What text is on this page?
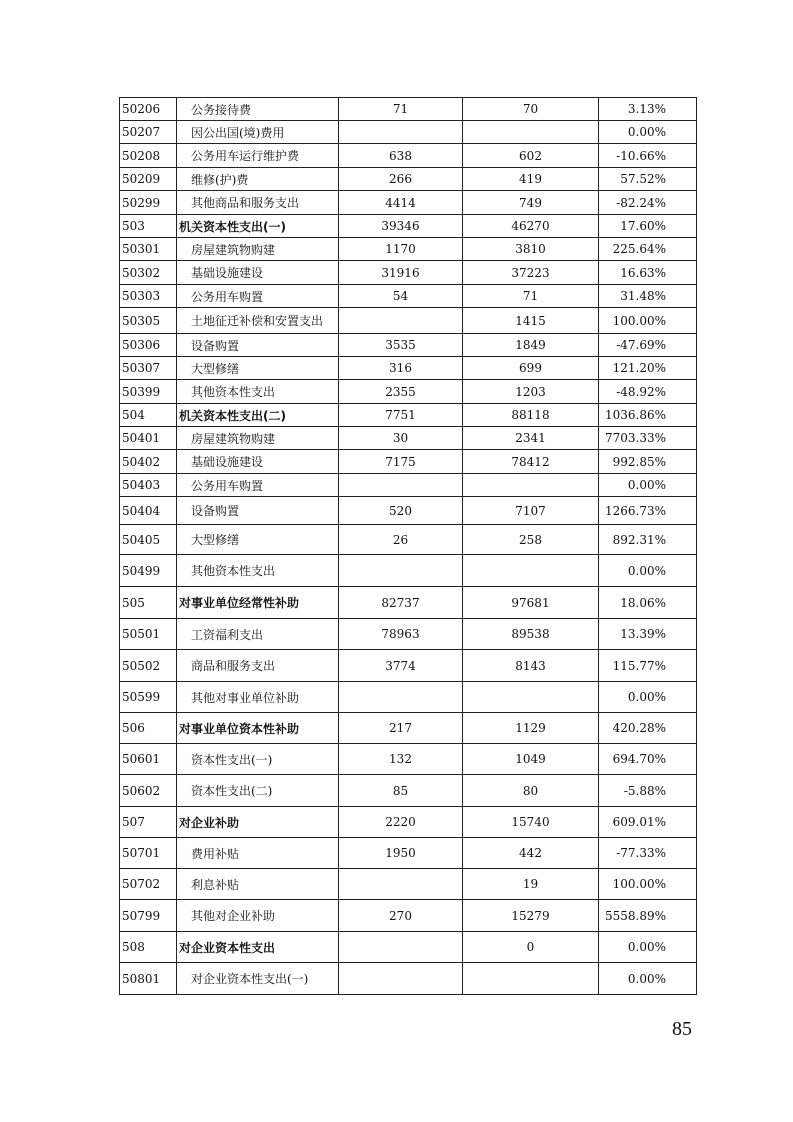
50206	公务接待费	71	70	3.13%
50207	因公出国(境)费用			0.00%
50208	公务用车运行维护费	638	602	-10.66%
50209	维修(护)费	266	419	57.52%
50299	其他商品和服务支出	4414	749	-82.24%
503	机关资本性支出(一)	39346	46270	17.60%
50301	房屋建筑物购建	1170	3810	225.64%
50302	基础设施建设	31916	37223	16.63%
50303	公务用车购置	54	71	31.48%
50305	土地征迁补偿和安置支出		1415	100.00%
50306	设备购置	3535	1849	-47.69%
50307	大型修缮	316	699	121.20%
50399	其他资本性支出	2355	1203	-48.92%
504	机关资本性支出(二)	7751	88118	1036.86%
50401	房屋建筑物购建	30	2341	7703.33%
50402	基础设施建设	7175	78412	992.85%
50403	公务用车购置			0.00%
50404	设备购置	520	7107	1266.73%
50405	大型修缮	26	258	892.31%
50499	其他资本性支出			0.00%
505	对事业单位经常性补助	82737	97681	18.06%
50501	工资福利支出	78963	89538	13.39%
50502	商品和服务支出	3774	8143	115.77%
50599	其他对事业单位补助			0.00%
506	对事业单位资本性补助	217	1129	420.28%
50601	资本性支出(一)	132	1049	694.70%
50602	资本性支出(二)	85	80	-5.88%
507	对企业补助	2220	15740	609.01%
50701	费用补贴	1950	442	-77.33%
50702	利息补贴		19	100.00%
50799	其他对企业补助	270	15279	5558.89%
508	对企业资本性支出		0	0.00%
50801	对企业资本性支出(一)			0.00%
85
